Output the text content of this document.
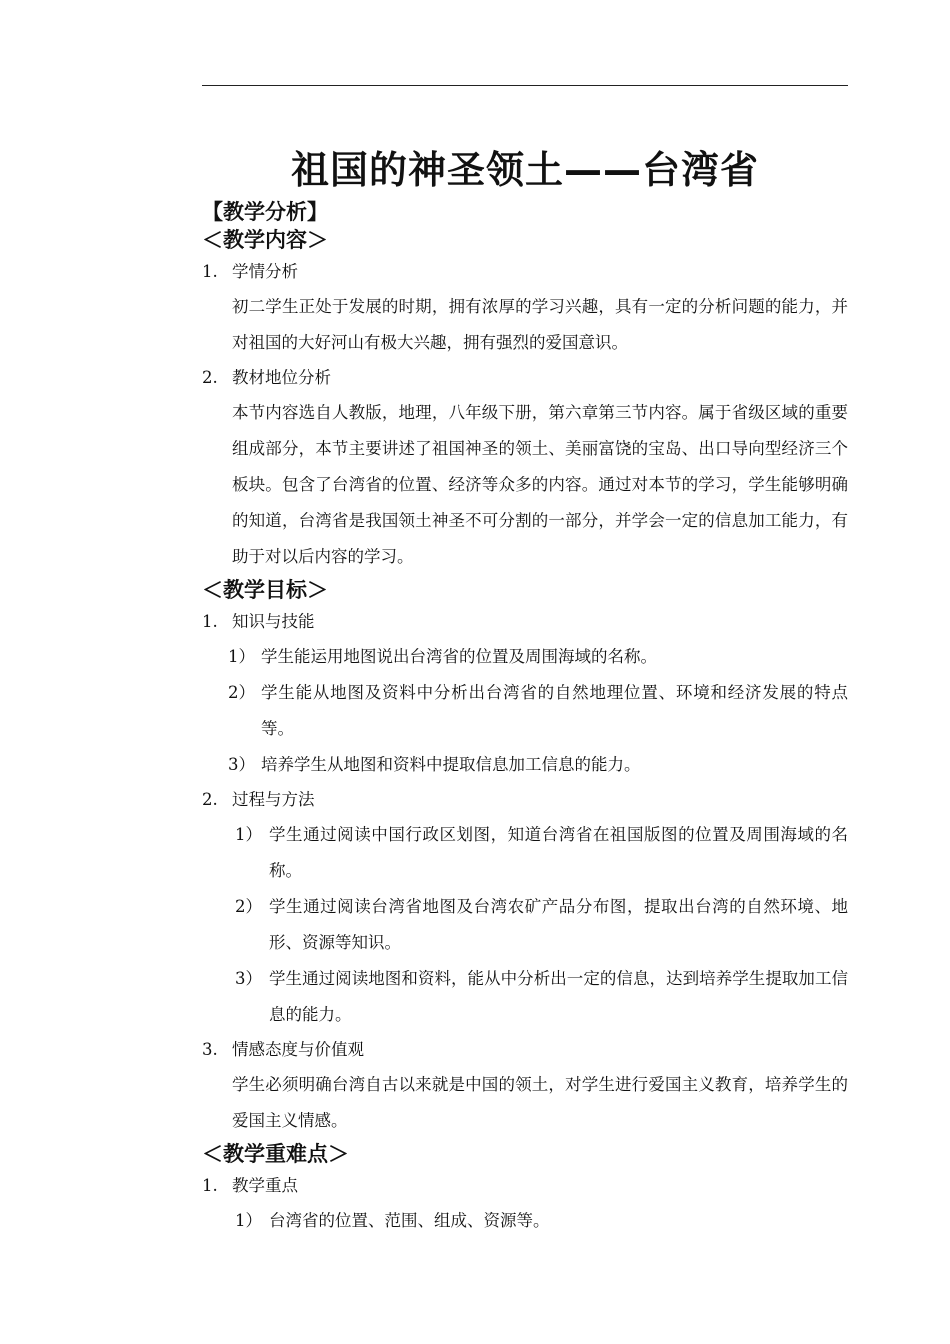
祖国的神圣领土——台湾省
【教学分析】
＜教学内容＞
1. 学情分析
初二学生正处于发展的时期，拥有浓厚的学习兴趣，具有一定的分析问题的能力，并对祖国的大好河山有极大兴趣，拥有强烈的爱国意识。
2. 教材地位分析
本节内容选自人教版，地理，八年级下册，第六章第三节内容。属于省级区域的重要组成部分，本节主要讲述了祖国神圣的领土、美丽富饶的宝岛、出口导向型经济三个板块。包含了台湾省的位置、经济等众多的内容。通过对本节的学习，学生能够明确的知道，台湾省是我国领土神圣不可分割的一部分，并学会一定的信息加工能力，有助于对以后内容的学习。
＜教学目标＞
1. 知识与技能
1） 学生能运用地图说出台湾省的位置及周围海域的名称。
2） 学生能从地图及资料中分析出台湾省的自然地理位置、环境和经济发展的特点等。
3） 培养学生从地图和资料中提取信息加工信息的能力。
2. 过程与方法
1） 学生通过阅读中国行政区划图，知道台湾省在祖国版图的位置及周围海域的名称。
2） 学生通过阅读台湾省地图及台湾农矿产品分布图，提取出台湾的自然环境、地形、资源等知识。
3） 学生通过阅读地图和资料，能从中分析出一定的信息，达到培养学生提取加工信息的能力。
3. 情感态度与价值观
学生必须明确台湾自古以来就是中国的领土，对学生进行爱国主义教育，培养学生的爱国主义情感。
＜教学重难点＞
1. 教学重点
1） 台湾省的位置、范围、组成、资源等。
